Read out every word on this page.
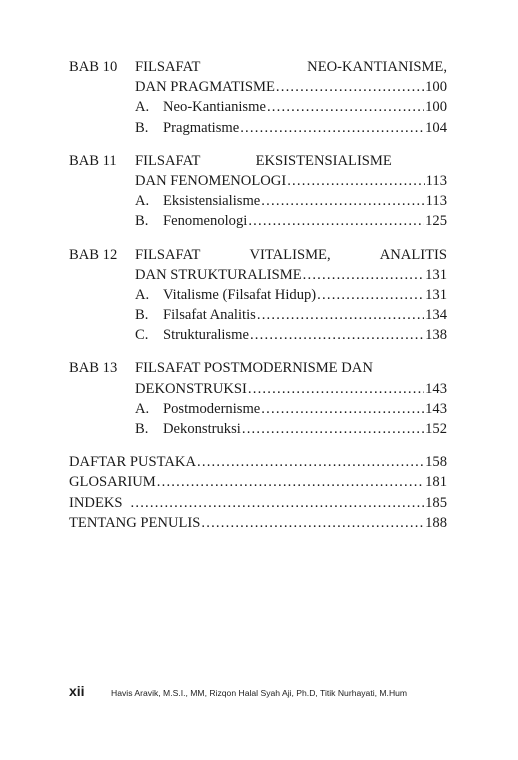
BAB 10 FILSAFAT	NEO-KANTIANISME,
DAN PRAGMATISME .....	100
A. Neo-Kantianisme .....	100
B.	Pragmatisme .....	104
BAB 11 FILSAFAT	EKSISTENSIALISME
DAN FENOMENOLOGI .....	113
A. Eksistensialisme .....	113
B.	Fenomenologi .....	125
BAB 12 FILSAFAT	VITALISME,	ANALITIS
DAN STRUKTURALISME .....	131
A. Vitalisme (Filsafat Hidup) .....	131
B.	Filsafat Analitis .....	134
C.	Strukturalisme .....	138
BAB 13 FILSAFAT POSTMODERNISME DAN
DEKONSTRUKSI .....	143
A. Postmodernisme .....	143
B.	Dekonstruksi .....	152
DAFTAR PUSTAKA .....	158
GLOSARIUM .....	181
INDEKS .....	185
TENTANG PENULIS .....	188
xii	Havis Aravik, M.S.I., MM, Rizqon Halal Syah Aji, Ph.D, Titik Nurhayati, M.Hum
